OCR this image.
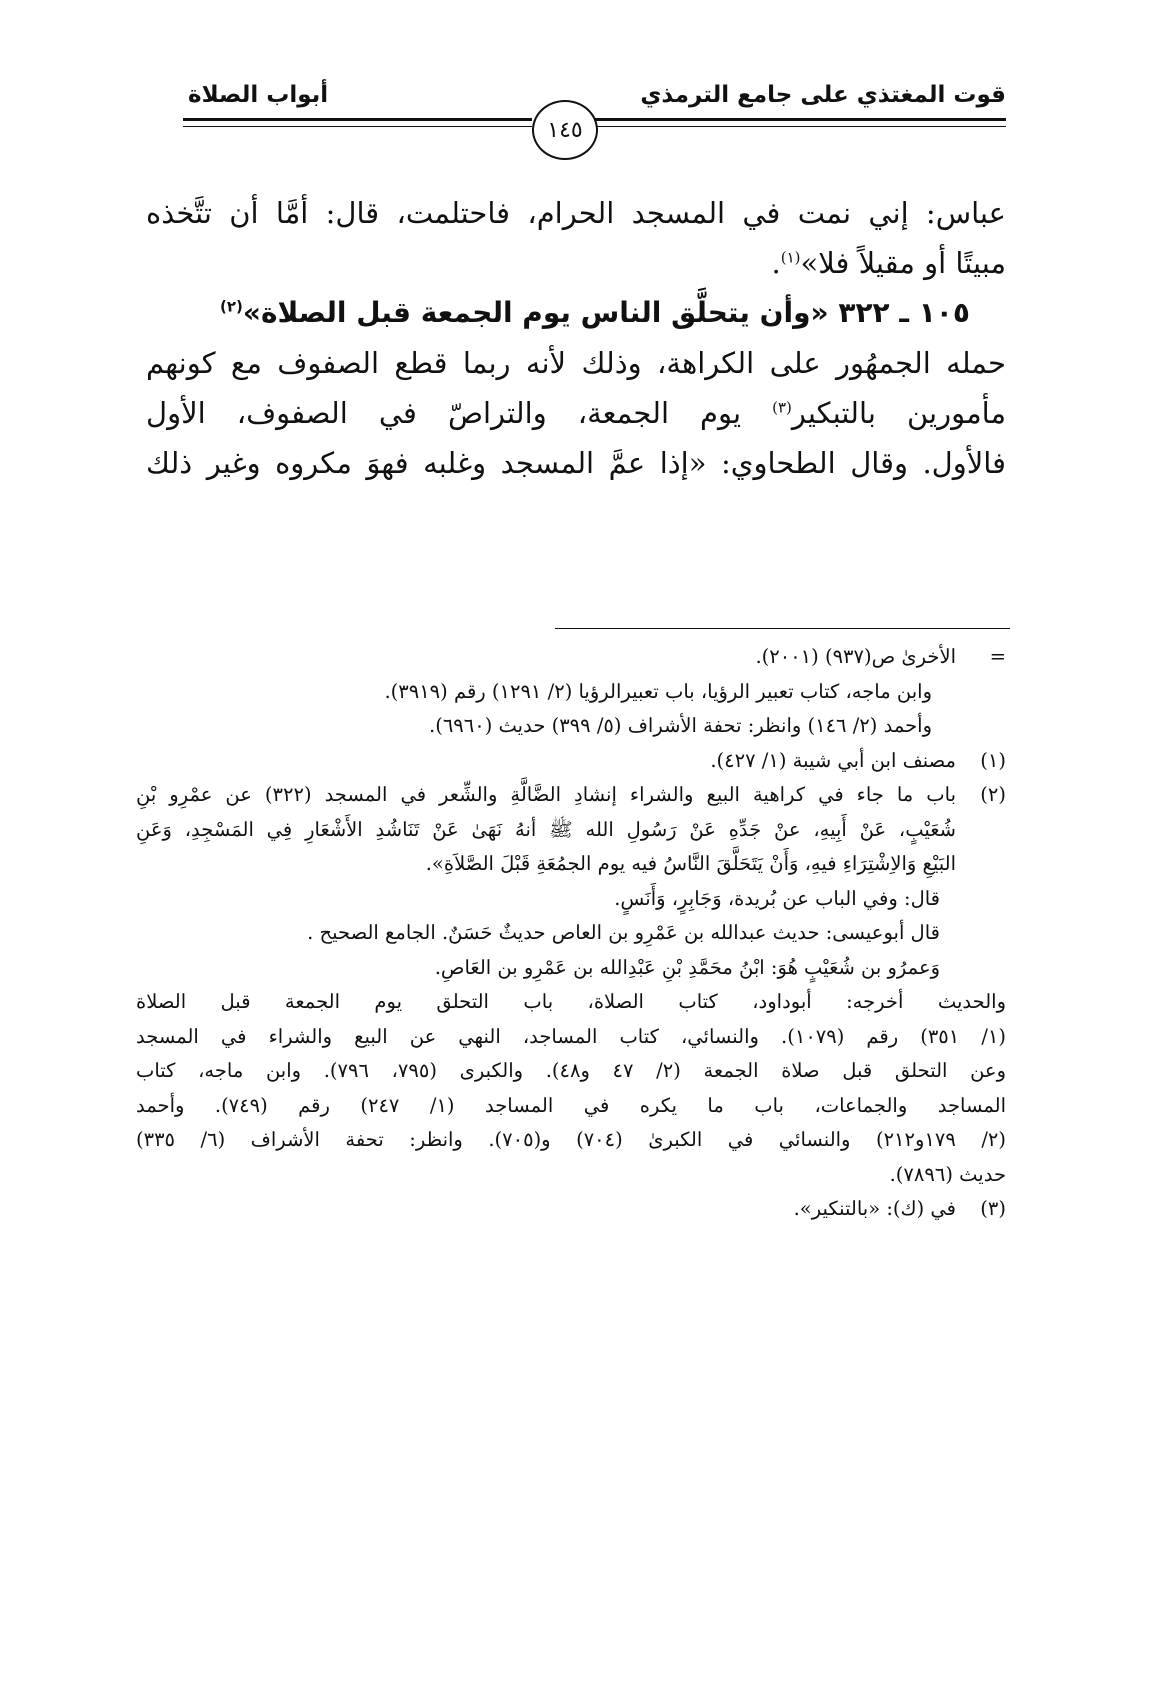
قوت المغتذي على جامع الترمذي
أبواب الصلاة
١٤٥

عباس: إني نمت في المسجد الحرام، فاحتلمت، قال: أمَّا أن تتَّخذه

مبيتًا أو مقيلاً فلا»$^{(١)}$.

١٠٥ ـ ٣٢٢ «وأن يتحلَّق الناس يوم الجمعة قبل الصلاة»$^{(٢)}$

حمله الجمهُور على الكراهة، وذلك لأنه ربما قطع الصفوف مع كونهم

مأمورين بالتبكير$^{(٣)}$ يوم الجمعة، والتراصّ في الصفوف، الأول

فالأول. وقال الطحاوي: «إذا عمَّ المسجد وغلبه فهوَ مكروه وغير ذلك

=

الأخرىٰ ص(٩٣٧) (٢٠٠١).

وابن ماجه، كتاب تعبير الرؤيا، باب تعبيرالرؤيا (٢/ ١٢٩١) رقم (٣٩١٩).

وأحمد (٢/ ١٤٦) وانظر: تحفة الأشراف (٥/ ٣٩٩) حديث (٦٩٦٠).

(١)

مصنف ابن أبي شيبة (١/ ٤٢٧).

(٢)

باب ما جاء في كراهية البيع والشراء إنشادِ الضَّالَّةِ والشِّعر في المسجد (٣٢٢) عن عمْرِو بْنِ

شُعَيْبٍ، عَنْ أَبِيهِ، عنْ جَدِّهِ عَنْ رَسُولِ الله ﷺ أنهُ نَهَىٰ عَنْ تَنَاشُدِ الأَشْعَارِ فِي المَسْجِدِ، وَعَنِ

البَيْعِ وَالاِشْتِرَاءِ فيهِ، وَأَنْ يَتَحَلَّقَ النَّاسُ فيه يوم الجمُعَةِ قَبْلَ الصَّلاَةِ».

قال: وفي الباب عن بُريدة، وَجَابِرٍ، وَأَنَسٍ.

قال أبوعيسى: حديث عبدالله بن عَمْرِو بن العاص حديثٌ حَسَنٌ. الجامع الصحيح .

وَعمرُو بن شُعَيْبٍ هُوَ: ابْنُ محَمَّدِ بْنِ عَبْدِالله بن عَمْرِو بن العَاصِ.

والحديث أخرجه: أبوداود، كتاب الصلاة، باب التحلق يوم الجمعة قبل الصلاة

(١/ ٣٥١) رقم (١٠٧٩). والنسائي، كتاب المساجد، النهي عن البيع والشراء في المسجد

وعن التحلق قبل صلاة الجمعة (٢/ ٤٧ و٤٨). والكبرى (٧٩٥، ٧٩٦). وابن ماجه، كتاب

المساجد والجماعات، باب ما يكره في المساجد (١/ ٢٤٧) رقم (٧٤٩). وأحمد

(٢/ ١٧٩و٢١٢) والنسائي في الكبرىٰ (٧٠٤) و(٧٠٥). وانظر: تحفة الأشراف (٦/ ٣٣٥)

حديث (٧٨٩٦).

(٣)

في (ك): «بالتنكير».
